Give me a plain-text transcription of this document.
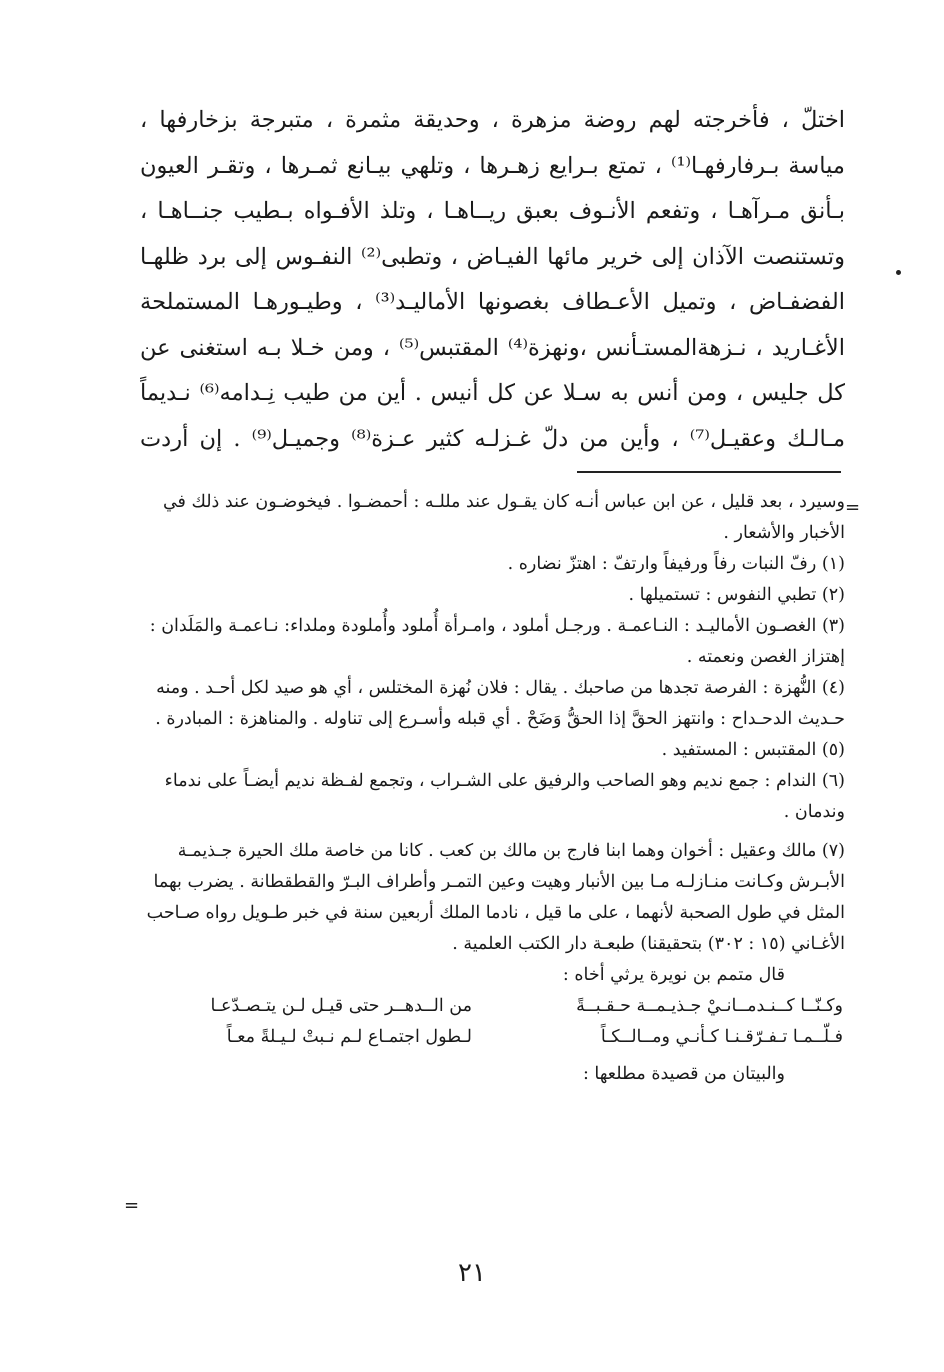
اختلّ ، فأخرجته لهم روضة مزهرة ، وحديقة مثمرة ، متبرجة بزخارفها ،
مياسة بـرفارفهـا⁽¹⁾ ، تمتع بـرايع زهـرها ، وتلهي بيـانع ثمـرها ، وتقـر العيون
بـأنق مـرآهـا ، وتفعم الأنـوف بعبق ريــاهـا ، وتلذ الأفـواه بـطيب جنــاهـا ،
وتستنصت الآذان إلى خرير مائها الفيـاض ، وتطبى⁽²⁾ النفـوس إلى برد ظلهـا
الفضفـاض ، وتميل الأعـطاف بغصونها الأماليـد⁽³⁾ ، وطيـورهـا المستملحة
الأغـاريد ، نـزهةالمستـأنس ،ونهزة⁽⁴⁾ المقتبس⁽⁵⁾ ، ومن خـلا بـه استغنى عن
كل جليس ، ومن أنس به سـلا عن كل أنيس . أين من طيب نِـدامه⁽⁶⁾ نـديماً
مـالـك وعقيـل⁽⁷⁾ ، وأين من دلّ غـزلـه كثير عـزة⁽⁸⁾ وجميـل⁽⁹⁾ . إن أردت
=
وسيرد ، بعد قليل ، عن ابن عباس أنـه كان يقـول عند مللـه : أحمضـوا . فيخوضـون عند ذلك في الأخبار والأشعار .
(١) رفّ النبات رفاً ورفيفاً وارتفّ : اهتزّ نضاره .
(٢) تطبي النفوس : تستميلها .
(٣) الغصـون الأماليـد : النـاعمـة . ورجـل أملود ، وامـرأة أُملود وأُملودة وملداء: نـاعمـة والمَلَدان : إهتزاز الغصن ونعمته .
(٤) النُّهزة : الفرصة تجدها من صاحبك . يقال : فلان نُهزة المختلس ، أي هو صيد لكل أحـد . ومنه حـديث الدحـداح : وانتهز الحقَّ إذا الحقُّ وَضَحْ . أي قبله وأسـرع إلى تناوله . والمناهزة : المبادرة .
(٥) المقتبس : المستفيد .
(٦) الندام : جمع نديم وهو الصاحب والرفيق على الشـراب ، وتجمع لفـظة نديم أيضـاً على ندماء وندمان .
(٧) مالك وعقيل : أخوان وهما ابنا فارج بن مالك بن كعب . كانا من خاصة ملك الحيرة جـذيمـة الأبـرش وكـانت منـازلـه مـا بين الأنبار وهيت وعين التمـر وأطراف البـرّ والقطقطانة . يضرب بهما المثل في طول الصحبة لأنهما ، على ما قيل ، نادما الملك أربعين سنة في خبر طـويل رواه صـاحب الأغـاني (١٥ : ٣٠٢) بتحقيقنا) طبعـة دار الكتب العلمية .
قال متمم بن نويرة يرثي أخاه :
وكـنّــا كــنـدمــانـيْ جـذيـمــة حـقـبــةً
من الــدهــر حتى قيـل لـن يتـصـدّعـا
فـلّــمـا تـفـرّقـنـا كـأنـي ومــالــكـاً
لـطول اجتمـاع لـم نـبتْ لـيـلةً معـاً
والبيتان من قصيدة مطلعها :
=
٢١
